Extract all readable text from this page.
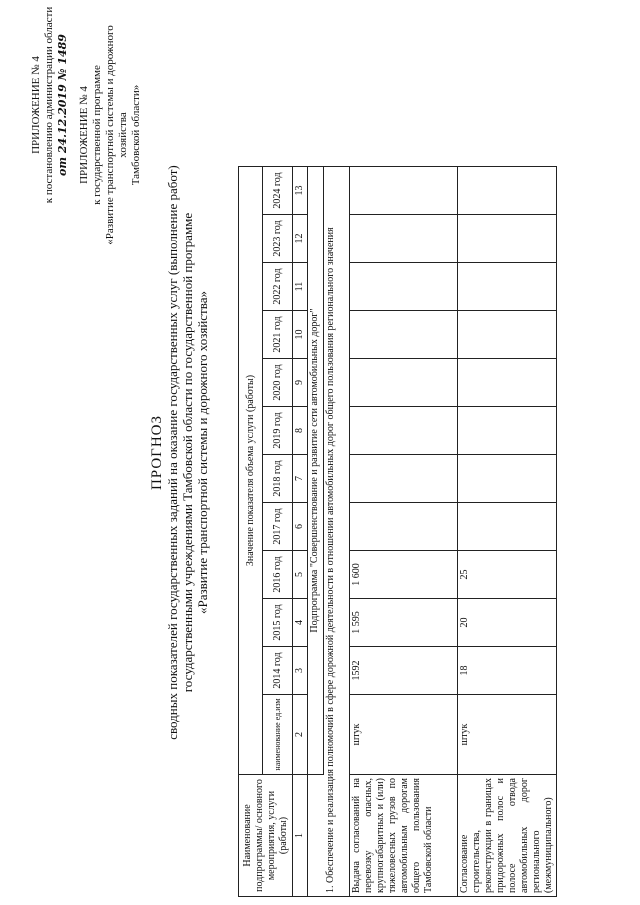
ПРИЛОЖЕНИЕ № 4 к постановлению администрации области от 24.12.2019 № 1489 ПРИЛОЖЕНИЕ № 4 к государственной программе «Развитие транспортной системы и дорожного хозяйства Тамбовской области»
ПРОГНОЗ сводных показателей государственных заданий на оказание государственных услуг (выполнение работ) государственными учреждениями Тамбовской области по государственной программе «Развитие транспортной системы и дорожного хозяйства»
Наименование подпрограммы/ основного мероприятия, услуги (работы)	Значение показателя объема услуги (работы)											
	наименование ед.изм	2014 год	2015 год	2016 год	2017 год	2018 год	2019 год	2020 год	2021 год	2022 год	2023 год	2024 год
1	2	3	4	5	6	7	8	9	10	11	12	13
	Подпрограмма "Совершенствование и развитие сети автомобильных дорог"											
1. Обеспечение и реализация полномочий в сфере дорожной деятельности в отношении автомобильных дорог общего пользования регионального значения												
Выдача согласований на перевозку опасных, крупногабаритных и (или) тяжеловесных грузов по автомобильным дорогам общего пользования Тамбовской области	штук	1592	1 595	1 600								
Согласование строительства, реконструкции в границах придорожных полос и полосе отвода автомобильных дорог регионального (межмуниципального)	штук	18	20	25								
